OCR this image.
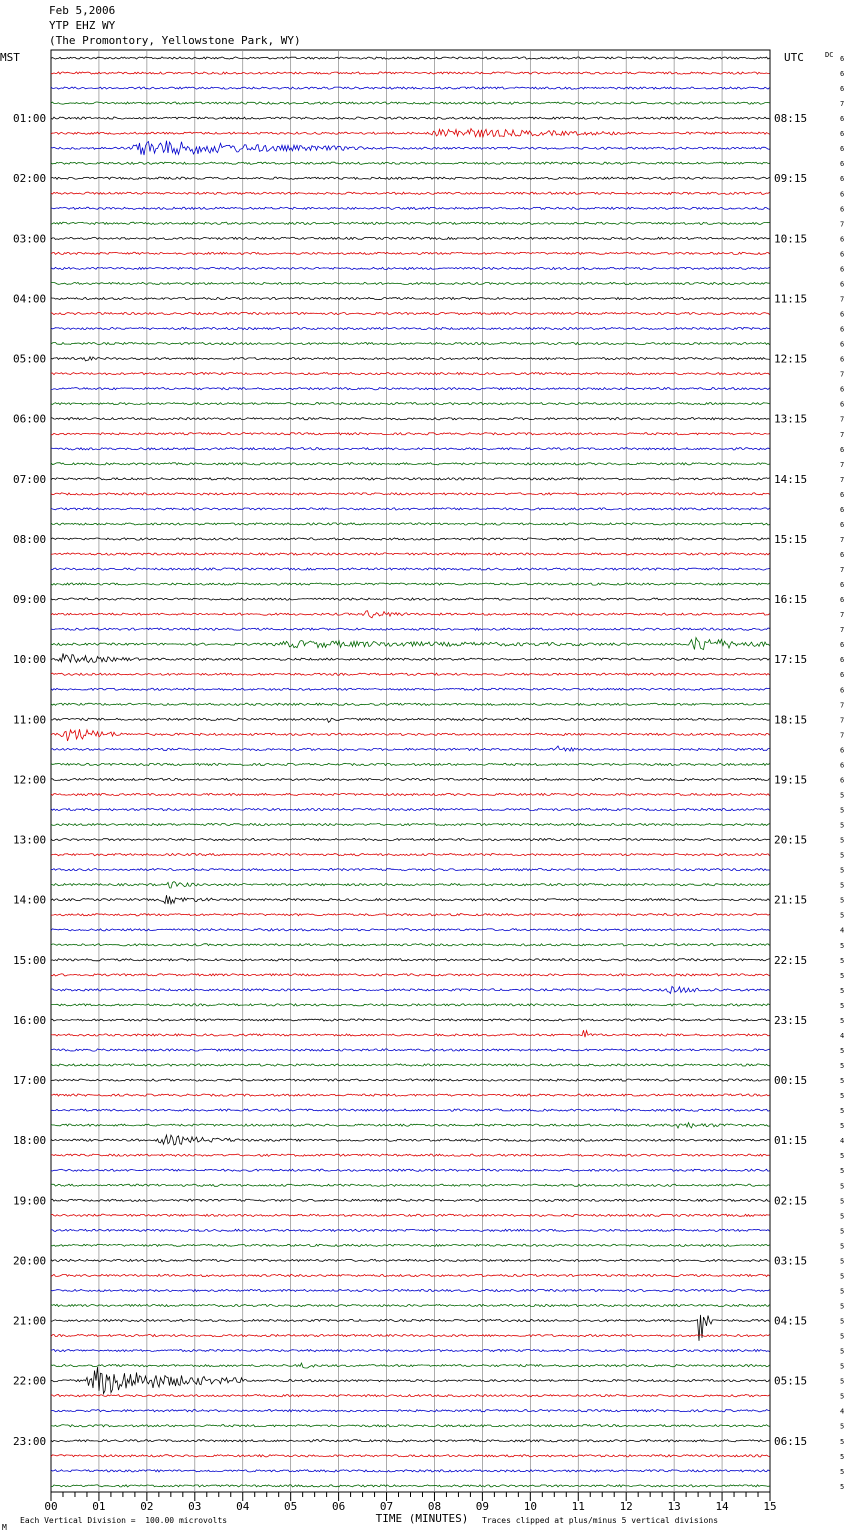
Feb 5,2006
YTP EHZ WY
(The Promontory, Yellowstone Park, WY)
M
Each Vertical Division =  100.00 microvolts	Traces clipped at plus/minus 5 vertical divisions
00	01	02	03	04	05	06	07	08	09	10	11	12	13	14	15
01:00
02:00
03:00
04:00
05:00
06:00
07:00
08:00
09:00
10:00
11:00
12:00
13:00
14:00
15:00
16:00
17:00
18:00
19:00
20:00
21:00
22:00
23:00
08:15
09:15
10:15
11:15
12:15
13:15
14:15
15:15
16:15
17:15
18:15
19:15
20:15
21:15
22:15
23:15
00:15
01:15
02:15
03:15
04:15
05:15
06:15
6
6
6
7
6
6
6
6
6
6
6
7
6
6
6
6
7
6
6
6
6
7
6
6
7
7
6
7
7
6
6
6
7
6
7
6
6
7
7
6
6
6
6
7
7
7
6
6
6
5
5
5
5
5
5
5
5
5
4
5
5
5
5
5
5
4
5
5
5
5
5
5
4
5
5
5
5
5
5
5
5
5
5
5
5
5
5
5
5
5
4
5
5
5
5
5
MST	UTC	DC
TIME (MINUTES)
